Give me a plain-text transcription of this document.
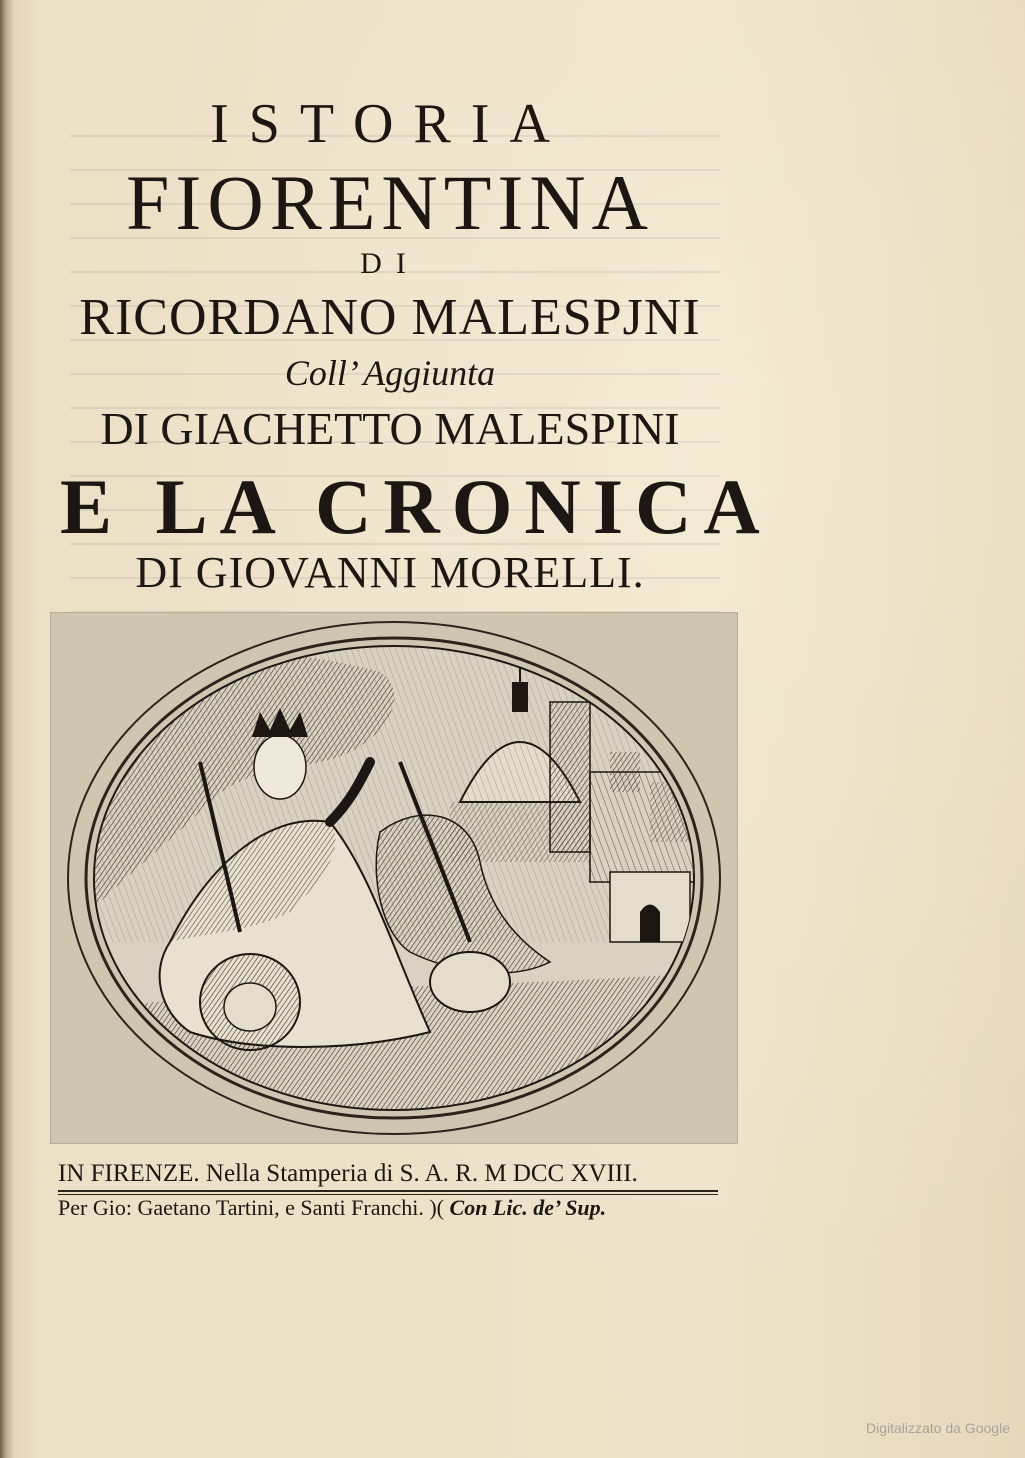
ISTORIA
FIORENTINA
DI
RICORDANO MALESPJNI
Coll’ Aggiunta
DI GIACHETTO MALESPINI
E LA CRONICA
DI GIOVANNI MORELLI.
IN FIRENZE. Nella Stamperia di S. A. R. M DCC XVIII.
Per Gio: Gaetano Tartini, e Santi Franchi. )( Con Lic. de’ Sup.
Digitalizzato da Google
